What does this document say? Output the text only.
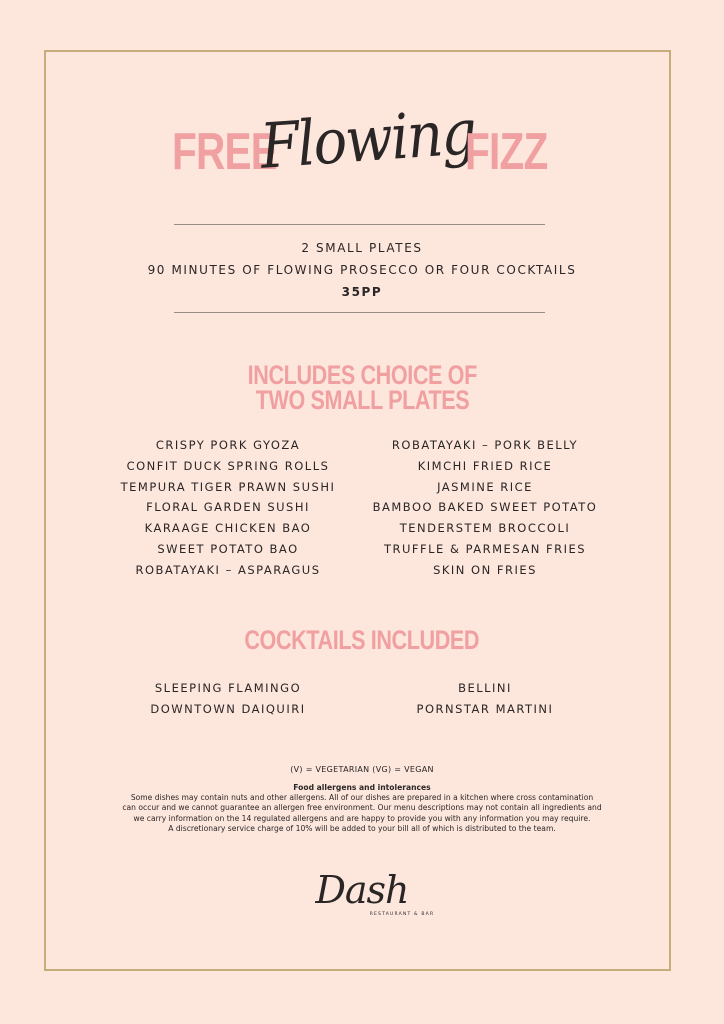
FREE
Flowing
FIZZ
2 SMALL PLATES
90 MINUTES OF FLOWING PROSECCO OR FOUR COCKTAILS
35PP
INCLUDES CHOICE OF
TWO SMALL PLATES
CRISPY PORK GYOZA
CONFIT DUCK SPRING ROLLS
TEMPURA TIGER PRAWN SUSHI
FLORAL GARDEN SUSHI
KARAAGE CHICKEN BAO
SWEET POTATO BAO
ROBATAYAKI – ASPARAGUS
ROBATAYAKI – PORK BELLY
KIMCHI FRIED RICE
JASMINE RICE
BAMBOO BAKED SWEET POTATO
TENDERSTEM BROCCOLI
TRUFFLE & PARMESAN FRIES
SKIN ON FRIES
COCKTAILS INCLUDED
SLEEPING FLAMINGO
DOWNTOWN DAIQUIRI
BELLINI
PORNSTAR MARTINI
(V) = VEGETARIAN (VG) = VEGAN
Food allergens and intolerances
Some dishes may contain nuts and other allergens. All of our dishes are prepared in a kitchen where cross contamination
can occur and we cannot guarantee an allergen free environment. Our menu descriptions may not contain all ingredients and
we carry information on the 14 regulated allergens and are happy to provide you with any information you may require.
A discretionary service charge of 10% will be added to your bill all of which is distributed to the team.
Dash
RESTAURANT & BAR
